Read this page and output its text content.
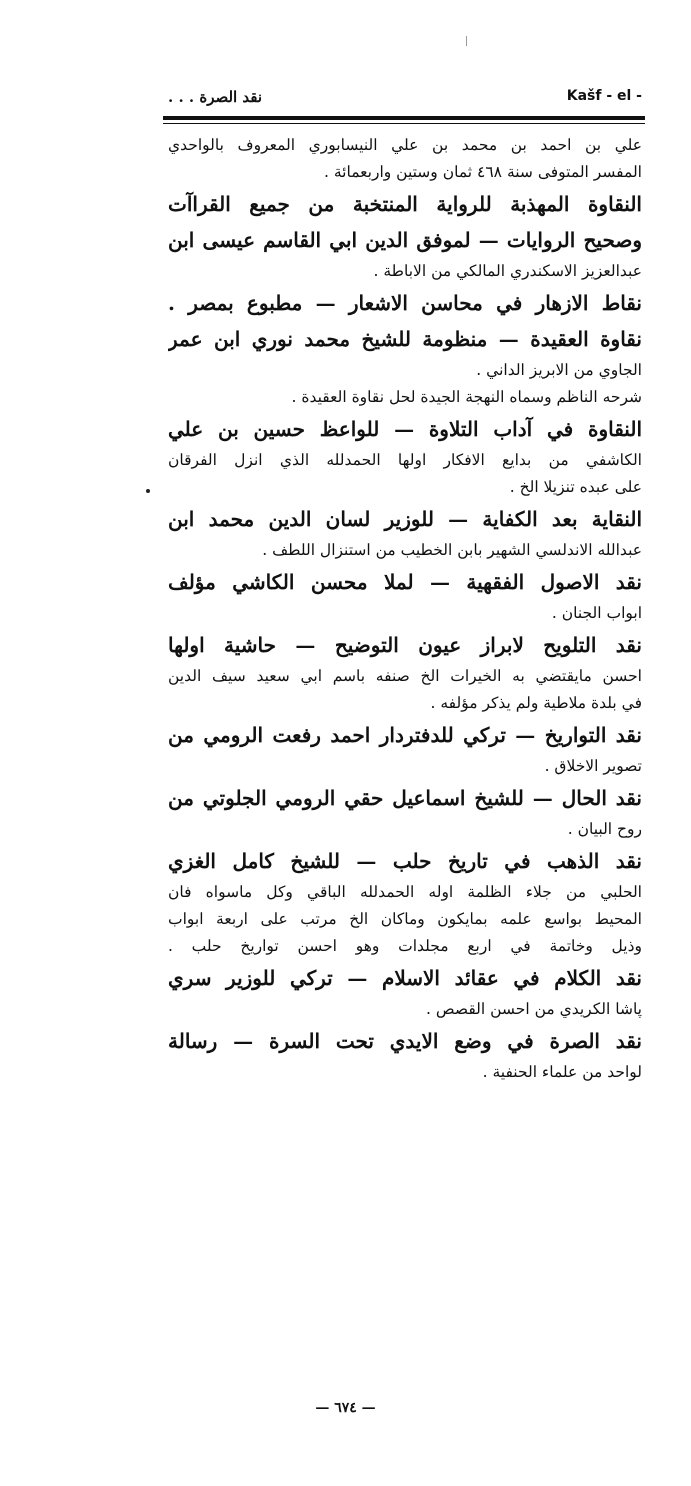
نقد الصرة . . .	Kašf - el -
علي بن احمد بن محمد بن علي النيسابوري المعروف بالواحدي
المفسر المتوفى سنة ٤٦٨ ثمان وستين واربعمائة .
النقاوة المهذبة للرواية المنتخبة من جميع القراآت
وصحيح الروايات — لموفق الدين ابي القاسم عيسى ابن
عبدالعزيز الاسكندري المالكي من الاباطة .
نقاط الازهار في محاسن الاشعار — مطبوع بمصر .
نقاوة العقيدة — منظومة للشيخ محمد نوري ابن عمر
الجاوي من الابريز الداني .
شرحه الناظم وسماه النهجة الجيدة لحل نقاوة العقيدة .
النقاوة في آداب التلاوة — للواعظ حسين بن علي
الكاشفي من بدايع الافكار اولها الحمدلله الذي انزل الفرقان
على عبده تنزيلا الخ .
النقاية بعد الكفاية — للوزير لسان الدين محمد ابن
عبدالله الاندلسي الشهير بابن الخطيب من استنزال اللطف .
نقد الاصول الفقهية — لملا محسن الكاشي مؤلف
ابواب الجنان .
نقد التلويح لابراز عيون التوضيح — حاشية اولها
احسن مايقتضي به الخيرات الخ صنفه باسم ابي سعيد سيف الدين
في بلدة ملاطية ولم يذكر مؤلفه .
نقد التواريخ — تركي للدفتردار احمد رفعت الرومي من
تصوير الاخلاق .
نقد الحال — للشيخ اسماعيل حقي الرومي الجلوتي من
روح البيان .
نقد الذهب في تاريخ حلب — للشيخ كامل الغزي
الحلبي من جلاء الظلمة اوله الحمدلله الباقي وكل ماسواه فان
المحيط بواسع علمه بمايكون وماكان الخ مرتب على اربعة ابواب
وذيل وخاتمة في اربع مجلدات وهو احسن تواريخ حلب .
نقد الكلام في عقائد الاسلام — تركي للوزير سري
پاشا الكريدي من احسن القصص .
نقد الصرة في وضع الايدي تحت السرة — رسالة
لواحد من علماء الحنفية .
— ٦٧٤ —
